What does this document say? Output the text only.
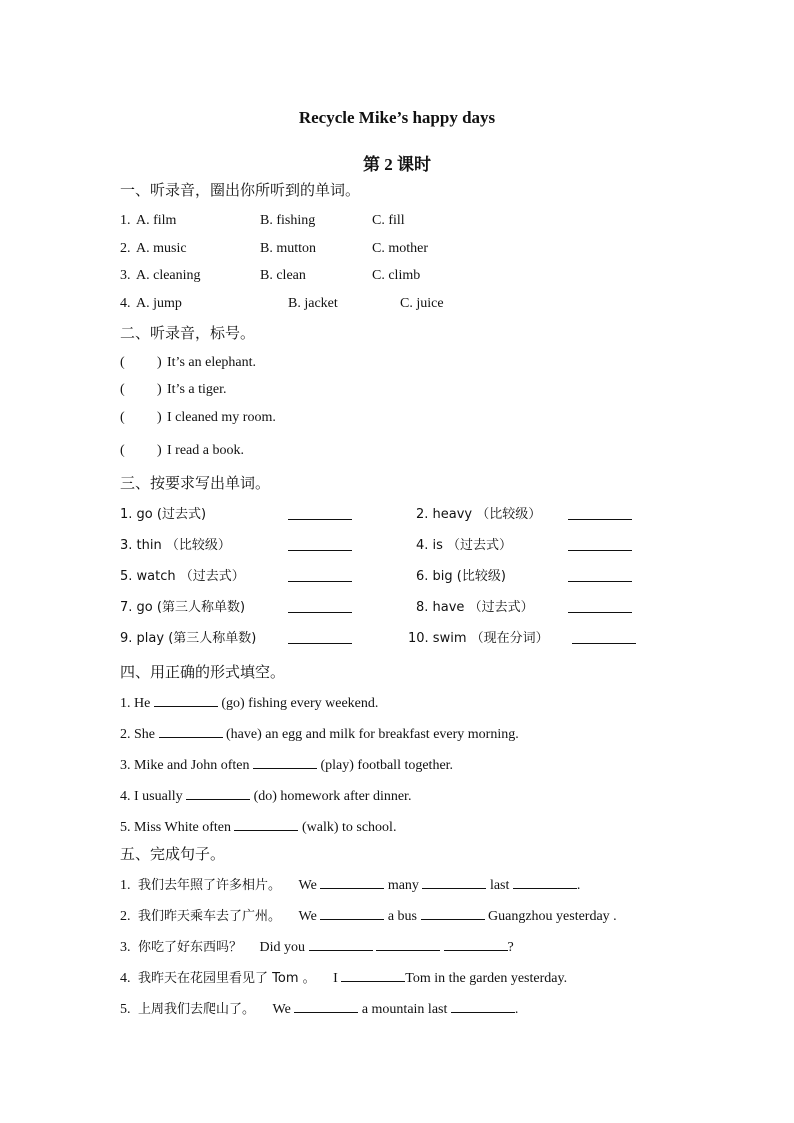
Recycle Mike’s happy days
第 2 课时
一、听录音，圈出你所听到的单词。
1. A. film	B. fishing	C. fill
2. A. music	B. mutton	C. mother
3. A. cleaning	B. clean	C. climb
4. A. jump	B. jacket	C. juice
二、听录音，标号。
( ) It’s an elephant.
( ) It’s a tiger.
( ) I cleaned my room.
( ) I read a book.
三、按要求写出单词。
1. go (过去式)	2. heavy （比较级）
3. thin （比较级）	4. is （过去式）
5. watch （过去式）	6. big (比较级)
7. go (第三人称单数)	8. have （过去式）
9. play (第三人称单数)	10. swim （现在分词）
四、用正确的形式填空。
1. He	(go) fishing every weekend.
2. She	(have) an egg and milk for breakfast every morning.
3. Mike and John often	(play) football together.
4. I usually	(do) homework after dinner.
5. Miss White often	(walk) to school.
五、完成句子。
1. 我们去年照了许多相片。 We	many	last	.
2. 我们昨天乘车去了广州。 We	a bus	Guangzhou yesterday .
3. 你吃了好东西吗？ Did you	?
4. 我昨天在花园里看见了 Tom 。 I	Tom in the garden yesterday.
5. 上周我们去爬山了。 We	a mountain last	.
